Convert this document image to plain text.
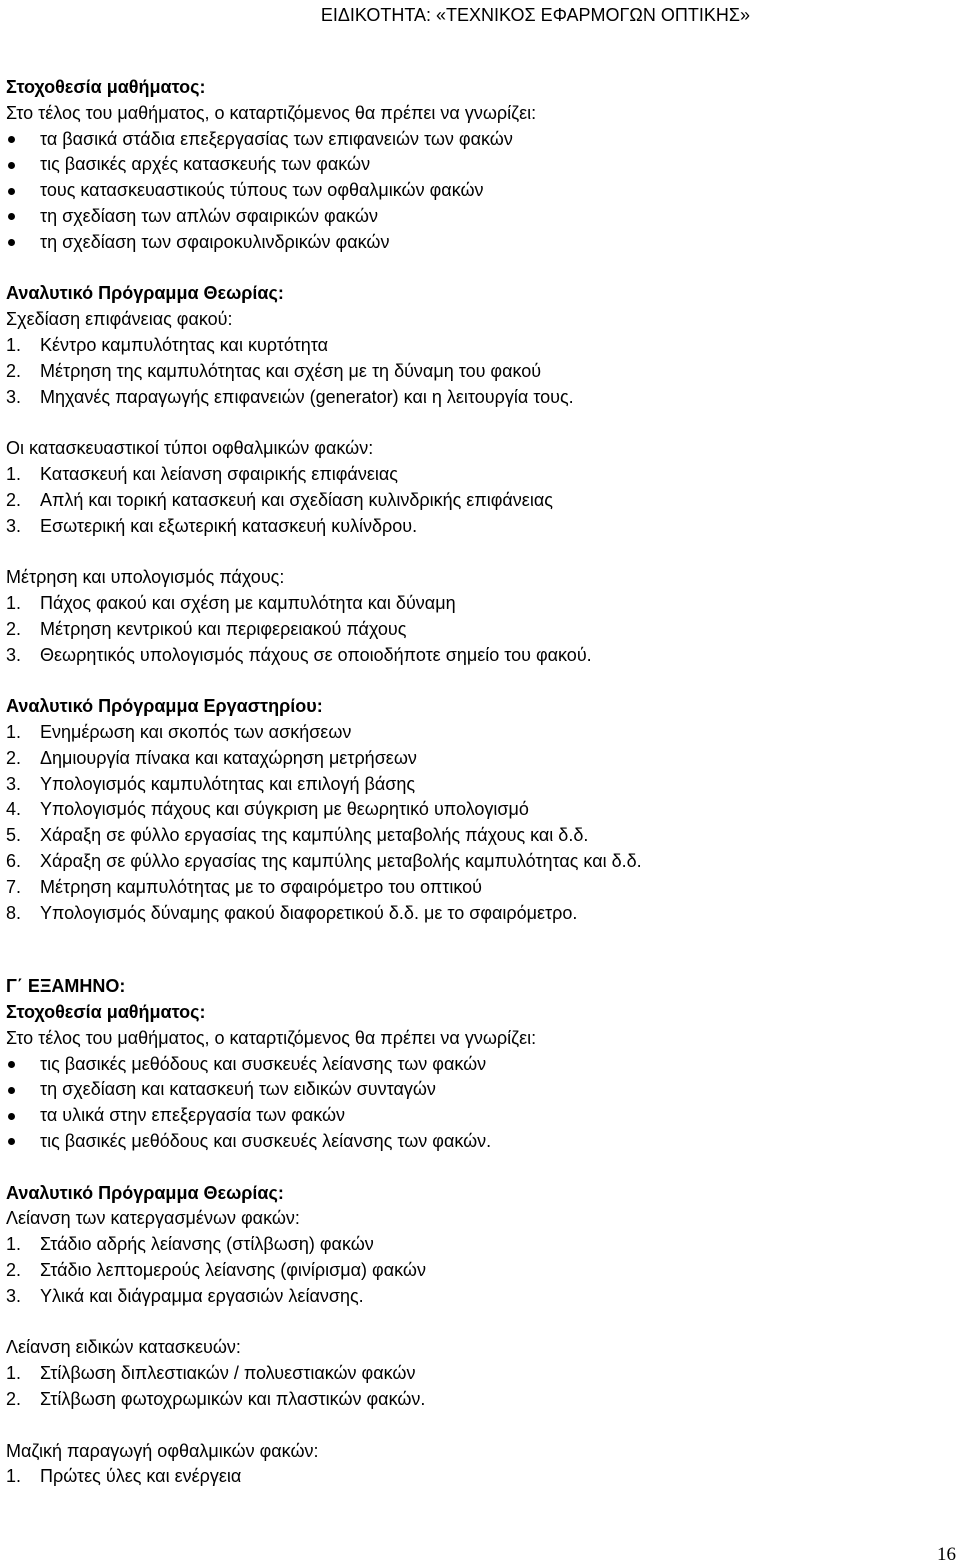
ΕΙΔΙΚΟΤΗΤΑ: «ΤΕΧΝΙΚΟΣ ΕΦΑΡΜΟΓΩΝ ΟΠΤΙΚΗΣ»
Στοχοθεσία μαθήματος:
Στο τέλος του μαθήματος, ο καταρτιζόμενος θα πρέπει να γνωρίζει:
τα βασικά στάδια επεξεργασίας των επιφανειών των φακών
τις βασικές αρχές κατασκευής των φακών
τους κατασκευαστικούς τύπους των οφθαλμικών φακών
τη σχεδίαση των απλών σφαιρικών φακών
τη σχεδίαση των σφαιροκυλινδρικών φακών
Αναλυτικό Πρόγραμμα Θεωρίας:
Σχεδίαση επιφάνειας φακού:
1.	Κέντρο καμπυλότητας και κυρτότητα
2.	Μέτρηση της καμπυλότητας και σχέση με τη δύναμη του φακού
3.	Μηχανές παραγωγής επιφανειών (generator) και η λειτουργία τους.
Οι κατασκευαστικοί τύποι οφθαλμικών φακών:
1.	Κατασκευή και λείανση σφαιρικής επιφάνειας
2.	Απλή και τορική κατασκευή και σχεδίαση κυλινδρικής επιφάνειας
3.	Εσωτερική και εξωτερική κατασκευή κυλίνδρου.
Μέτρηση και υπολογισμός πάχους:
1.	Πάχος φακού και σχέση με καμπυλότητα και δύναμη
2.	Μέτρηση κεντρικού και περιφερειακού πάχους
3.	Θεωρητικός υπολογισμός πάχους σε οποιοδήποτε σημείο του φακού.
Αναλυτικό Πρόγραμμα Εργαστηρίου:
1.	Ενημέρωση και σκοπός των ασκήσεων
2.	Δημιουργία πίνακα και καταχώρηση μετρήσεων
3.	Υπολογισμός καμπυλότητας και επιλογή βάσης
4.	Υπολογισμός πάχους και σύγκριση με θεωρητικό υπολογισμό
5.	Χάραξη σε φύλλο εργασίας της καμπύλης μεταβολής πάχους και δ.δ.
6.	Χάραξη σε φύλλο εργασίας της καμπύλης μεταβολής καμπυλότητας και δ.δ.
7.	Μέτρηση καμπυλότητας με το σφαιρόμετρο του οπτικού
8.	Υπολογισμός δύναμης φακού διαφορετικού δ.δ. με το σφαιρόμετρο.
Γ΄ ΕΞΑΜΗΝΟ:
Στοχοθεσία μαθήματος:
Στο τέλος του μαθήματος, ο καταρτιζόμενος θα πρέπει να γνωρίζει:
τις βασικές μεθόδους και συσκευές λείανσης των φακών
τη σχεδίαση και κατασκευή των ειδικών συνταγών
τα υλικά στην επεξεργασία των φακών
τις βασικές μεθόδους και συσκευές λείανσης των φακών.
Αναλυτικό Πρόγραμμα Θεωρίας:
Λείανση των κατεργασμένων φακών:
1.	Στάδιο αδρής λείανσης (στίλβωση) φακών
2.	Στάδιο λεπτομερούς λείανσης (φινίρισμα) φακών
3.	Υλικά και διάγραμμα εργασιών λείανσης.
Λείανση ειδικών κατασκευών:
1.	Στίλβωση διπλεστιακών / πολυεστιακών φακών
2.	Στίλβωση φωτοχρωμικών και πλαστικών φακών.
Μαζική παραγωγή οφθαλμικών φακών:
1.	Πρώτες ύλες και ενέργεια
16
